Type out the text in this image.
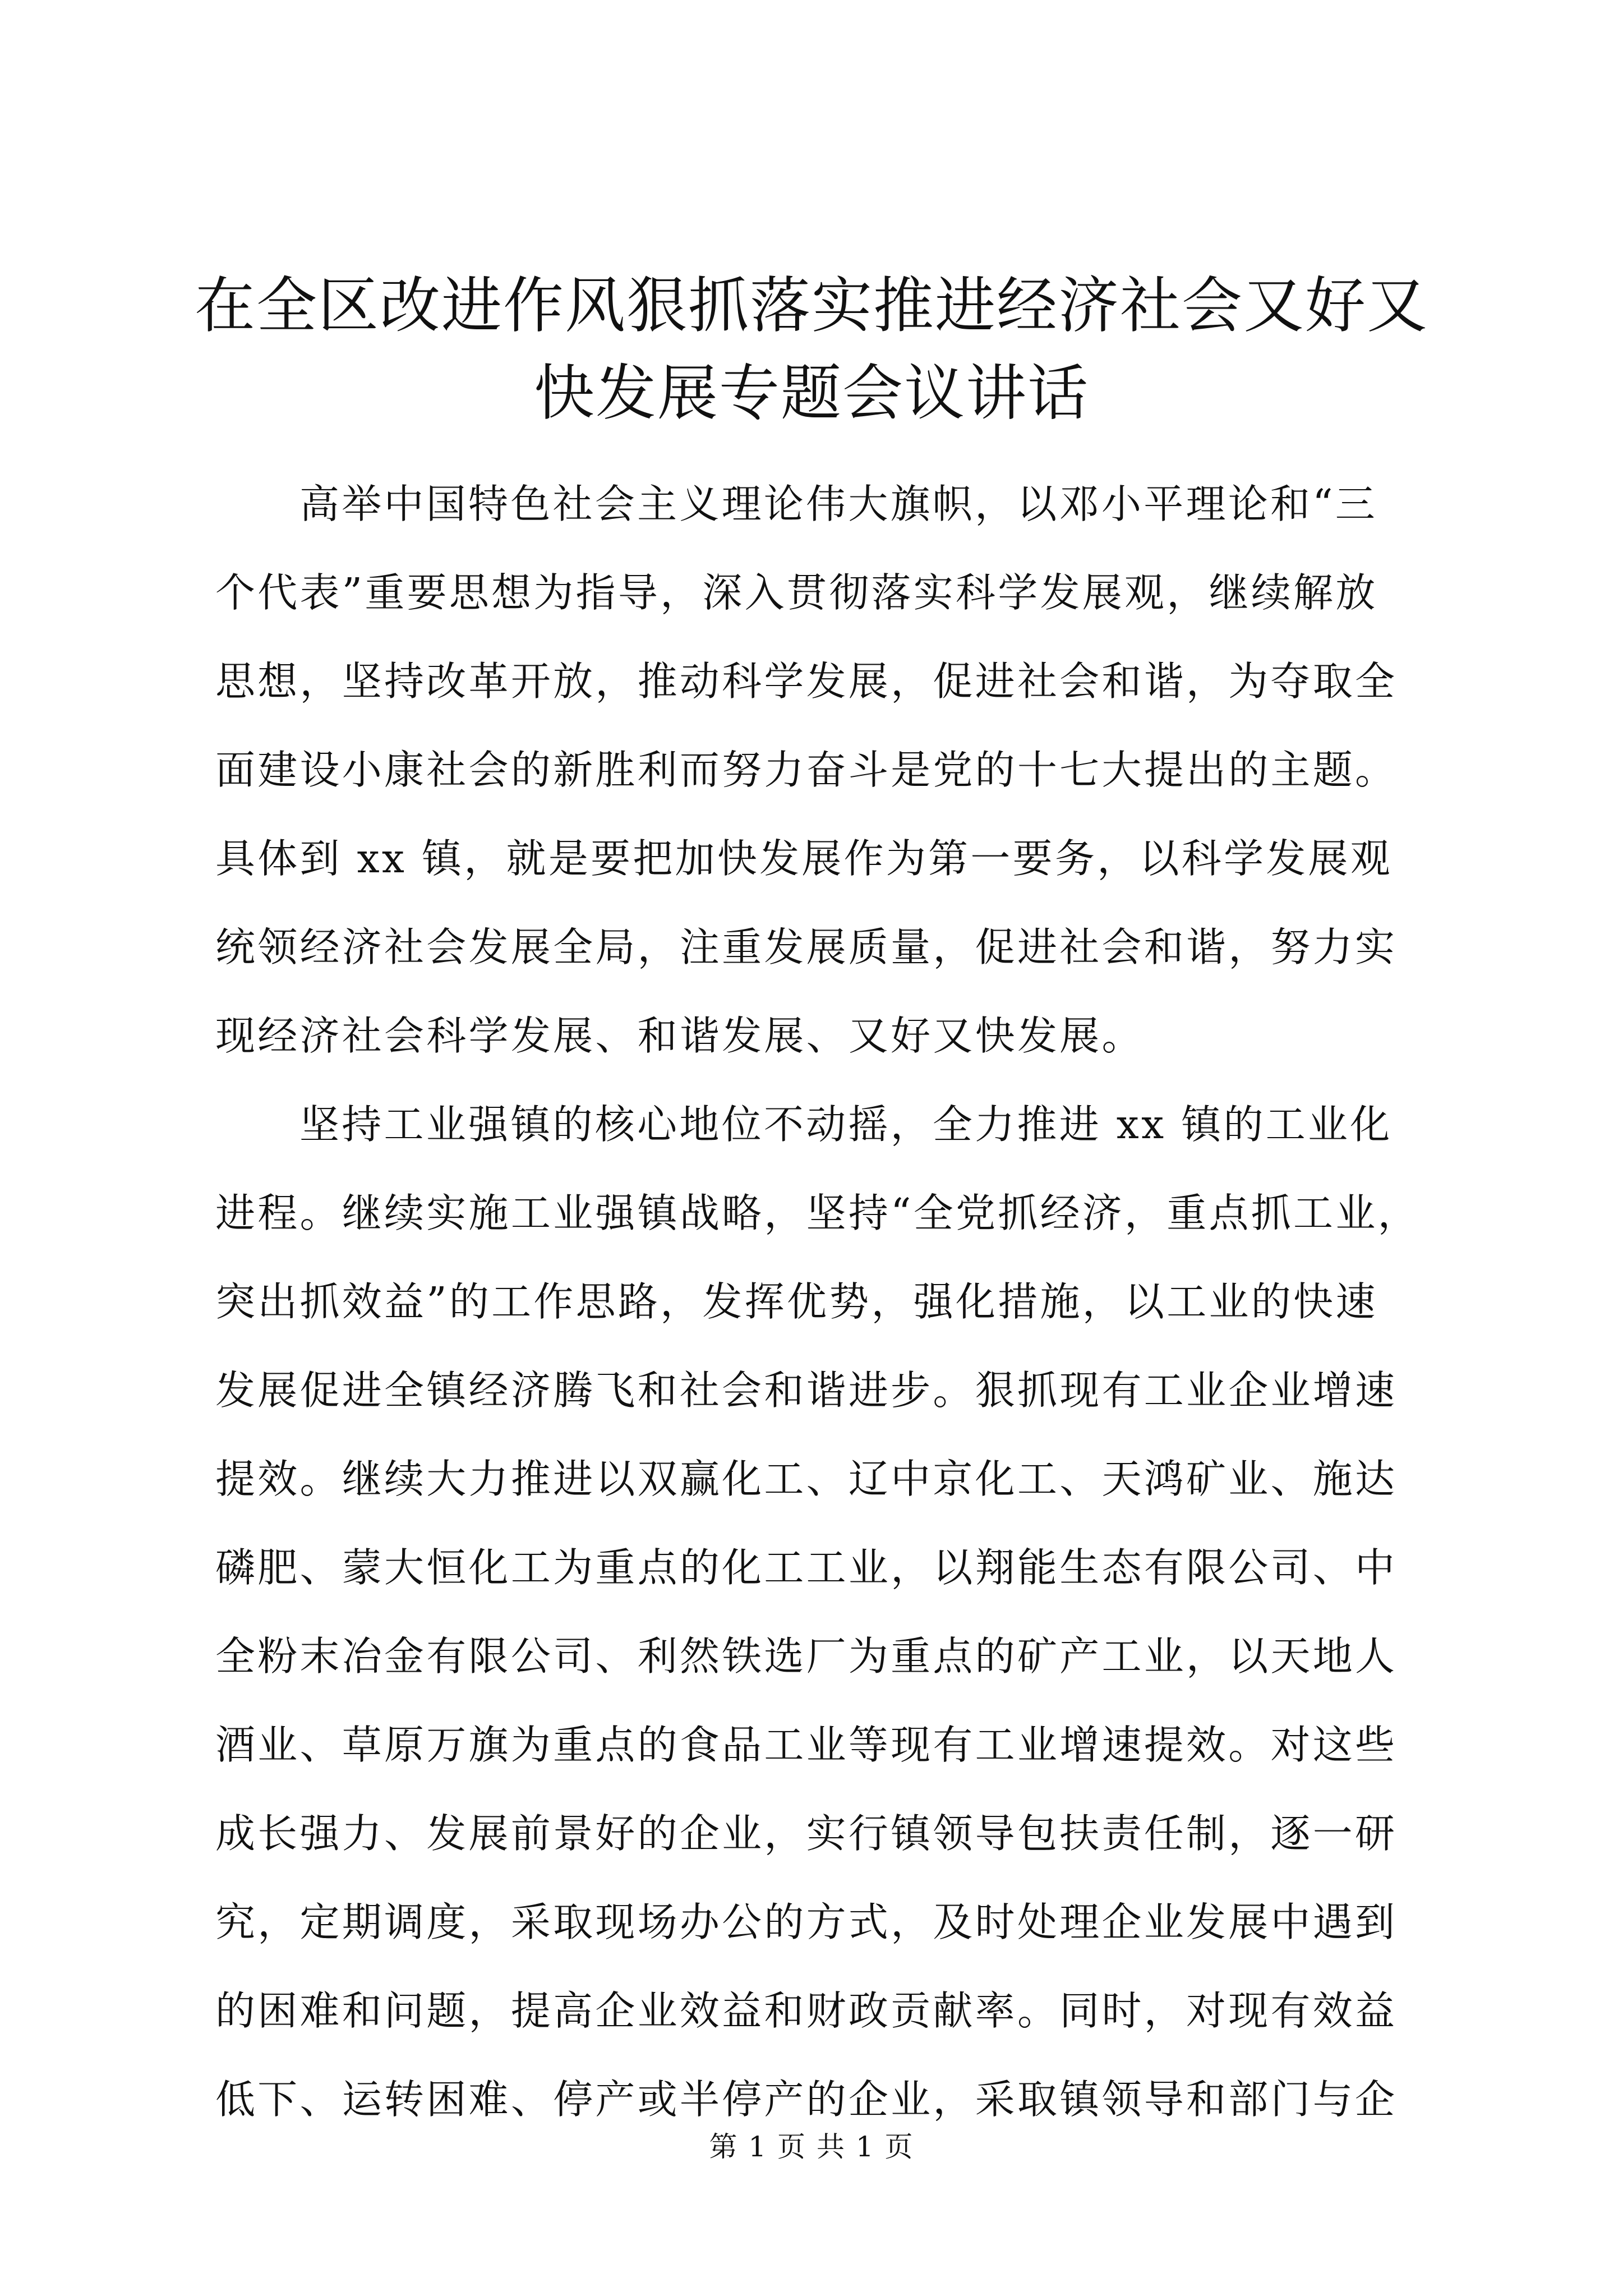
在全区改进作风狠抓落实推进经济社会又好又
快发展专题会议讲话

高举中国特色社会主义理论伟大旗帜，以邓小平理论和“三
个代表”重要思想为指导，深入贯彻落实科学发展观，继续解放
思想，坚持改革开放，推动科学发展，促进社会和谐，为夺取全
面建设小康社会的新胜利而努力奋斗是党的十七大提出的主题。
具体到 xx 镇，就是要把加快发展作为第一要务，以科学发展观
统领经济社会发展全局，注重发展质量，促进社会和谐，努力实
现经济社会科学发展、和谐发展、又好又快发展。

坚持工业强镇的核心地位不动摇，全力推进 xx 镇的工业化
进程。继续实施工业强镇战略，坚持“全党抓经济，重点抓工业，
突出抓效益”的工作思路，发挥优势，强化措施，以工业的快速
发展促进全镇经济腾飞和社会和谐进步。狠抓现有工业企业增速
提效。继续大力推进以双赢化工、辽中京化工、天鸿矿业、施达
磷肥、蒙大恒化工为重点的化工工业，以翔能生态有限公司、中
全粉末冶金有限公司、利然铁选厂为重点的矿产工业，以天地人
酒业、草原万旗为重点的食品工业等现有工业增速提效。对这些
成长强力、发展前景好的企业，实行镇领导包扶责任制，逐一研
究，定期调度，采取现场办公的方式，及时处理企业发展中遇到
的困难和问题，提高企业效益和财政贡献率。同时，对现有效益
低下、运转困难、停产或半停产的企业，采取镇领导和部门与企

第 1 页 共 1 页
